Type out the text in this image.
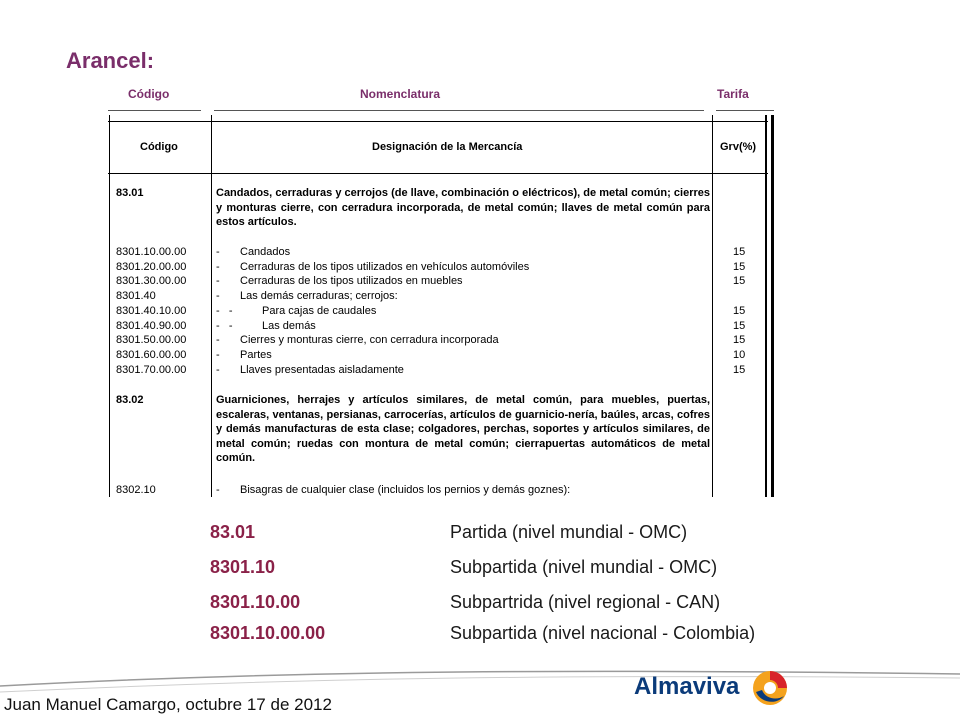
Arancel:
Código	Nomenclatura	Tarifa
Código	Designación de la Mercancía	Grv(%)
83.01	Candados, cerraduras y cerrojos (de llave, combinación o eléctricos), de metal común; cierres y monturas cierre, con cerradura incorporada, de metal común; llaves de metal común para estos artículos.
8301.10.00.00	- Candados	15
8301.20.00.00	- Cerraduras de los tipos utilizados en vehículos automóviles	15
8301.30.00.00	- Cerraduras de los tipos utilizados en muebles	15
8301.40	- Las demás cerraduras; cerrojos:
8301.40.10.00	-   -	Para cajas de caudales	15
8301.40.90.00	-   -	Las demás	15
8301.50.00.00	- Cierres y monturas cierre, con cerradura incorporada	15
8301.60.00.00	- Partes	10
8301.70.00.00	- Llaves presentadas aisladamente	15
83.02	Guarniciones, herrajes y artículos similares, de metal común, para muebles, puertas, escaleras, ventanas, persianas, carrocerías, artículos de guarnicio-nería, baúles, arcas, cofres y demás manufacturas de esta clase; colgadores, perchas, soportes y artículos similares, de metal común; ruedas con montura de metal común; cierrapuertas automáticos de metal común.
8302.10	- Bisagras de cualquier clase (incluidos los pernios y demás goznes):
83.01	Partida (nivel mundial - OMC)
8301.10	Subpartida (nivel mundial - OMC)
8301.10.00	Subpartrida (nivel regional - CAN)
8301.10.00.00	Subpartida (nivel nacional - Colombia)
Juan Manuel Camargo, octubre 17 de 2012
Almaviva
